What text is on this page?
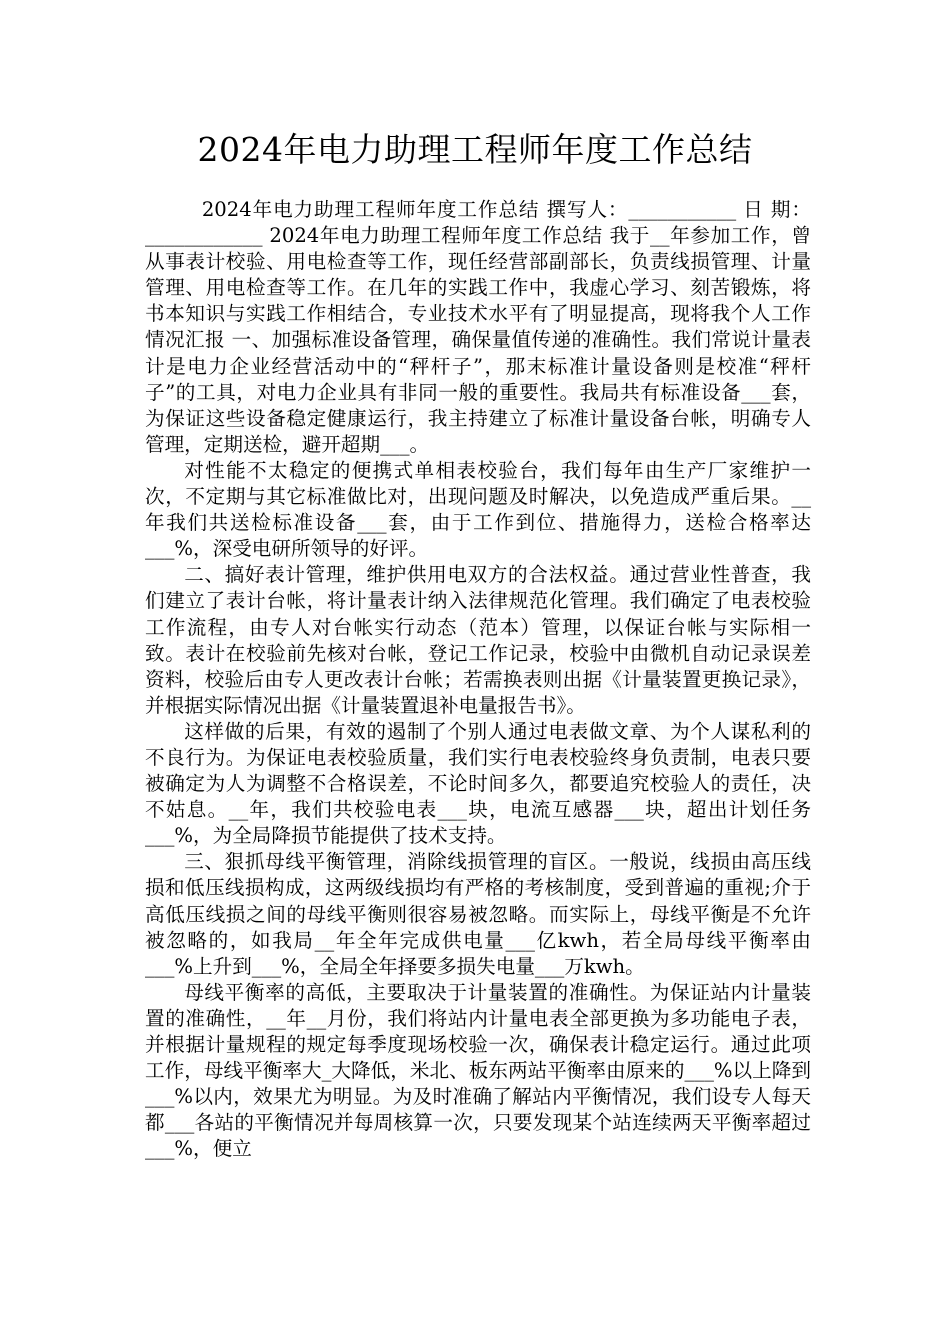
2024年电力助理工程师年度工作总结

2024年电力助理工程师年度工作总结 撰写人：___________ 日 期：____________ 2024年电力助理工程师年度工作总结 我于__年参加工作，曾从事表计校验、用电检查等工作，现任经营部副部长，负责线损管理、计量管理、用电检查等工作。在几年的实践工作中，我虚心学习、刻苦锻炼，将书本知识与实践工作相结合，专业技术水平有了明显提高，现将我个人工作情况汇报 一、加强标准设备管理，确保量值传递的准确性。我们常说计量表计是电力企业经营活动中的“秤杆子”，那末标准计量设备则是校准“秤杆子”的工具，对电力企业具有非同一般的重要性。我局共有标准设备___套，为保证这些设备稳定健康运行，我主持建立了标准计量设备台帐，明确专人管理，定期送检，避开超期___。

对性能不太稳定的便携式单相表校验台，我们每年由生产厂家维护一次，不定期与其它标准做比对，出现问题及时解决，以免造成严重后果。__年我们共送检标准设备___套，由于工作到位、措施得力，送检合格率达___%，深受电研所领导的好评。

二、搞好表计管理，维护供用电双方的合法权益。通过营业性普查，我们建立了表计台帐，将计量表计纳入法律规范化管理。我们确定了电表校验工作流程，由专人对台帐实行动态（范本）管理，以保证台帐与实际相一致。表计在校验前先核对台帐，登记工作记录，校验中由微机自动记录误差资料，校验后由专人更改表计台帐；若需换表则出据《计量装置更换记录》，并根据实际情况出据《计量装置退补电量报告书》。

这样做的后果，有效的遏制了个别人通过电表做文章、为个人谋私利的不良行为。为保证电表校验质量，我们实行电表校验终身负责制，电表只要被确定为人为调整不合格误差，不论时间多久，都要追究校验人的责任，决不姑息。__年，我们共校验电表___块，电流互感器___块，超出计划任务___%，为全局降损节能提供了技术支持。

三、狠抓母线平衡管理，消除线损管理的盲区。一般说，线损由高压线损和低压线损构成，这两级线损均有严格的考核制度，受到普遍的重视;介于高低压线损之间的母线平衡则很容易被忽略。而实际上，母线平衡是不允许被忽略的，如我局__年全年完成供电量___亿kwh，若全局母线平衡率由___%上升到___%，全局全年择要多损失电量___万kwh。

母线平衡率的高低，主要取决于计量装置的准确性。为保证站内计量装置的准确性，__年__月份，我们将站内计量电表全部更换为多功能电子表，并根据计量规程的规定每季度现场校验一次，确保表计稳定运行。通过此项工作，母线平衡率大_大降低，米北、板东两站平衡率由原来的___%以上降到___%以内，效果尤为明显。为及时准确了解站内平衡情况，我们设专人每天都___各站的平衡情况并每周核算一次，只要发现某个站连续两天平衡率超过___%，便立
